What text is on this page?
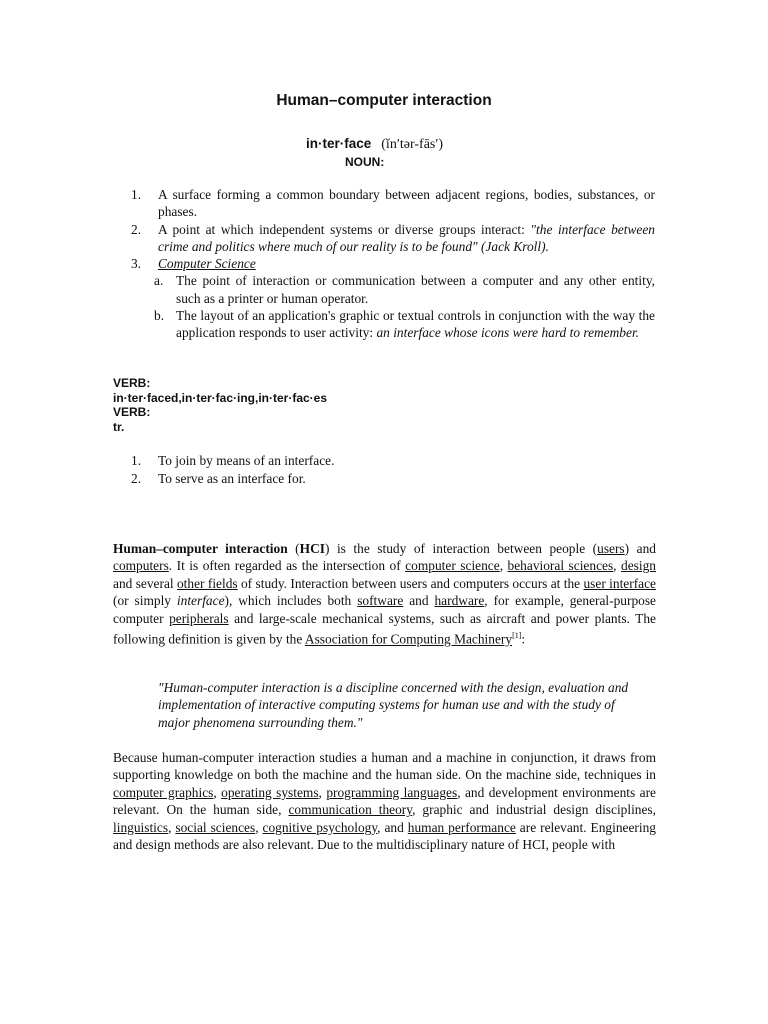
Human–computer interaction
in·ter·face (ĭn′tər-fās′)
NOUN:
1. A surface forming a common boundary between adjacent regions, bodies, substances, or phases.
2. A point at which independent systems or diverse groups interact: "the interface between crime and politics where much of our reality is to be found" (Jack Kroll).
3. Computer Science
a. The point of interaction or communication between a computer and any other entity, such as a printer or human operator.
b. The layout of an application's graphic or textual controls in conjunction with the way the application responds to user activity: an interface whose icons were hard to remember.
VERB:
in·ter·faced,in·ter·fac·ing,in·ter·fac·es
VERB:
tr.
1. To join by means of an interface.
2. To serve as an interface for.

Human–computer interaction (HCI) is the study of interaction between people (users) and computers. It is often regarded as the intersection of computer science, behavioral sciences, design and several other fields of study. Interaction between users and computers occurs at the user interface (or simply interface), which includes both software and hardware, for example, general-purpose computer peripherals and large-scale mechanical systems, such as aircraft and power plants. The following definition is given by the Association for Computing Machinery[1]:

"Human-computer interaction is a discipline concerned with the design, evaluation and implementation of interactive computing systems for human use and with the study of major phenomena surrounding them."

Because human-computer interaction studies a human and a machine in conjunction, it draws from supporting knowledge on both the machine and the human side. On the machine side, techniques in computer graphics, operating systems, programming languages, and development environments are relevant. On the human side, communication theory, graphic and industrial design disciplines, linguistics, social sciences, cognitive psychology, and human performance are relevant. Engineering and design methods are also relevant. Due to the multidisciplinary nature of HCI, people with
